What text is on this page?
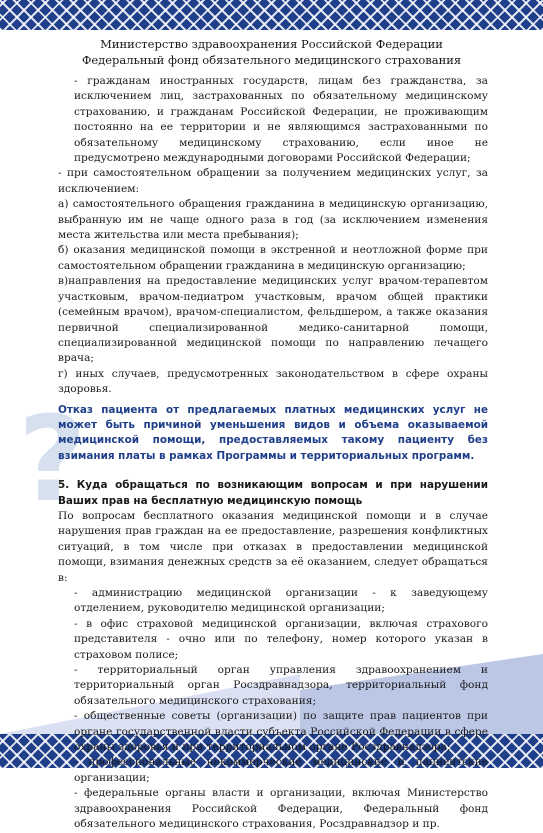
Министерство здравоохранения Российской Федерации
Федеральный фонд обязательного медицинского страхования
?

- гражданам иностранных государств, лицам без гражданства, за исключением лиц, застрахованных по обязательному медицинскому страхованию, и гражданам Российской Федерации, не проживающим постоянно на ее территории и не являющимся застрахованными по обязательному медицинскому страхованию, если иное не предусмотрено международными договорами Российской Федерации;

- при самостоятельном обращении за получением медицинских услуг, за исключением:

а) самостоятельного обращения гражданина в медицинскую организацию, выбранную им не чаще одного раза в год (за исключением изменения места жительства или места пребывания);

б) оказания медицинской помощи в экстренной и неотложной форме при самостоятельном обращении гражданина в медицинскую организацию;

в)направления на предоставление медицинских услуг врачом-терапевтом участковым, врачом-педиатром участковым, врачом общей практики (семейным врачом), врачом-специалистом, фельдшером, а также оказания первичной специализированной медико-санитарной помощи, специализированной медицинской помощи по направлению лечащего врача;

г) иных случаев, предусмотренных законодательством в сфере охраны здоровья.

Отказ пациента от предлагаемых платных медицинских услуг не может быть причиной уменьшения видов и объема оказываемой медицинской помощи, предоставляемых такому пациенту без взимания платы в рамках Программы и территориальных программ.

5. Куда обращаться по возникающим вопросам и при нарушении Ваших прав на бесплатную медицинскую помощь

По вопросам бесплатного оказания медицинской помощи и в случае нарушения прав граждан на ее предоставление, разрешения конфликтных ситуаций, в том числе при отказах в предоставлении медицинской помощи, взимания денежных средств за её оказанием, следует обращаться в:

- администрацию медицинской организации - к заведующему отделением, руководителю медицинской организации;

- в офис страховой медицинской организации, включая страхового представителя - очно или по телефону, номер которого указан в страховом полисе;

- территориальный орган управления здравоохранением и территориальный орган Росздравнадзора, территориальный фонд обязательного медицинского страхования;

- общественные советы (организации) по защите прав пациентов при органе государственной власти субъекта Российской Федерации в сфере охраны здоровья и при территориальном органе Росздравнадзора;

- профессиональные некоммерческие медицинские и пациентские организации;

- федеральные органы власти и организации, включая Министерство здравоохранения Российской Федерации, Федеральный фонд обязательного медицинского страхования, Росздравнадзор и пр.
